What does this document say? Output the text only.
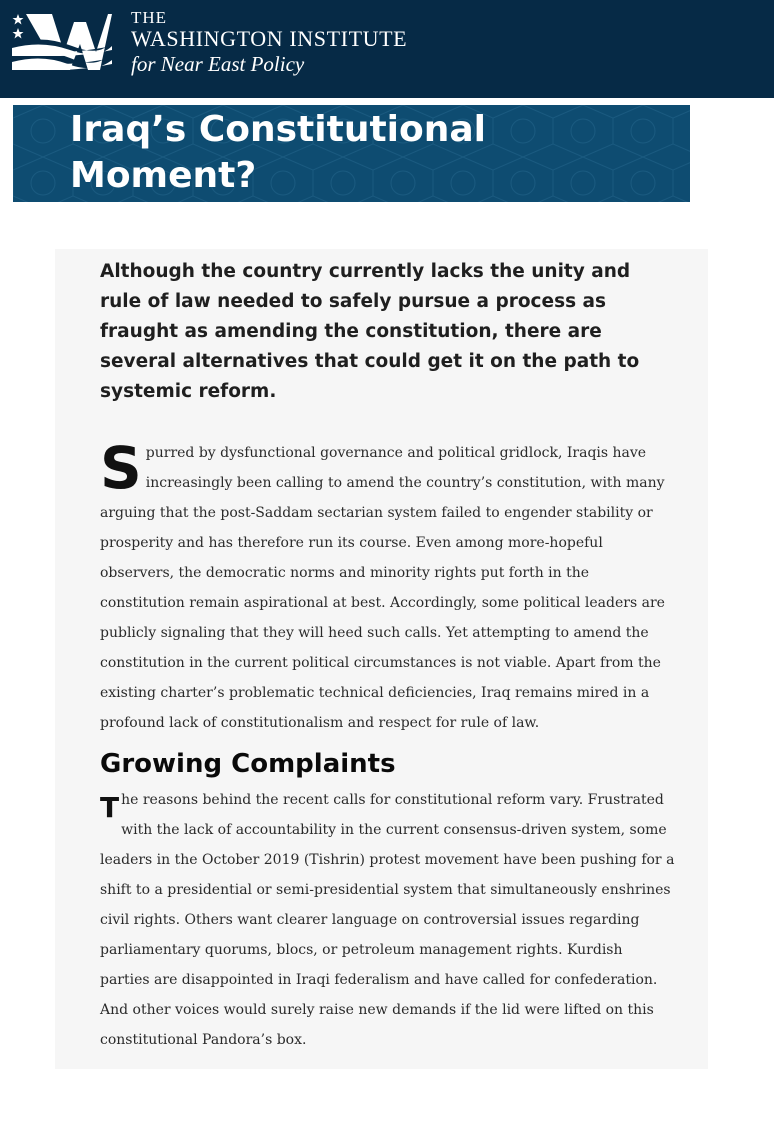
THE
WASHINGTON INSTITUTE
for Near East Policy
Iraq’s Constitutional Moment?

Although the country currently lacks the unity and rule of law needed to safely pursue a process as fraught as amending the constitution, there are several alternatives that could get it on the path to systemic reform.

Spurred by dysfunctional governance and political gridlock, Iraqis have increasingly been calling to amend the country’s constitution, with many arguing that the post-Saddam sectarian system failed to engender stability or prosperity and has therefore run its course. Even among more-hopeful observers, the democratic norms and minority rights put forth in the constitution remain aspirational at best. Accordingly, some political leaders are publicly signaling that they will heed such calls. Yet attempting to amend the constitution in the current political circumstances is not viable. Apart from the existing charter’s problematic technical deficiencies, Iraq remains mired in a profound lack of constitutionalism and respect for rule of law.

Growing Complaints

The reasons behind the recent calls for constitutional reform vary. Frustrated with the lack of accountability in the current consensus-driven system, some leaders in the October 2019 (Tishrin) protest movement have been pushing for a shift to a presidential or semi-presidential system that simultaneously enshrines civil rights. Others want clearer language on controversial issues regarding parliamentary quorums, blocs, or petroleum management rights. Kurdish parties are disappointed in Iraqi federalism and have called for confederation. And other voices would surely raise new demands if the lid were lifted on this constitutional Pandora’s box.
